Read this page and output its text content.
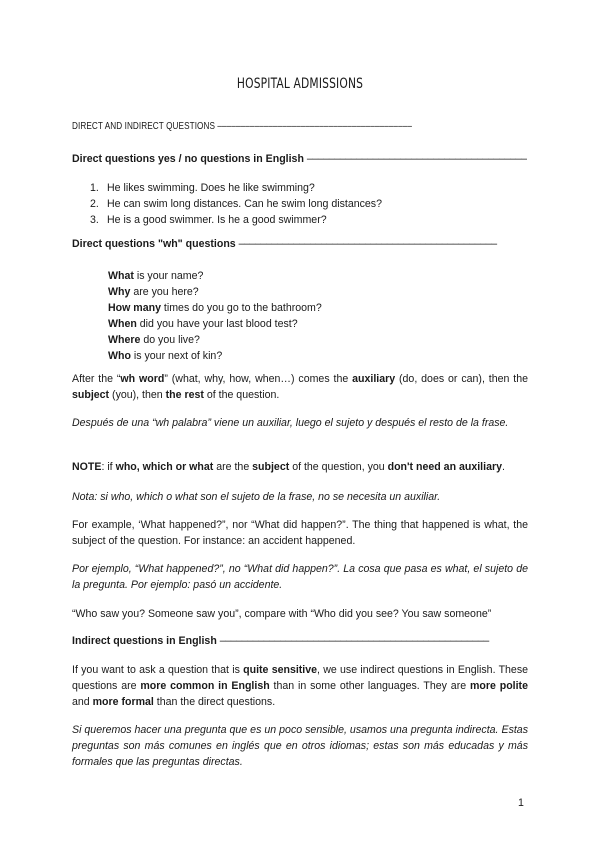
HOSPITAL ADMISSIONS
DIRECT AND INDIRECT QUESTIONS ––––––––––––––––––––––––––––––––––––––––––
Direct questions yes / no questions in English ––––––––––––––––––––––––––––––––––––––––
1. He likes swimming. Does he like swimming?
2. He can swim long distances. Can he swim long distances?
3. He is a good swimmer. Is he a good swimmer?
Direct questions "wh" questions –––––––––––––––––––––––––––––––––––––––––––––––
What is your name?
Why are you here?
How many times do you go to the bathroom?
When did you have your last blood test?
Where do you live?
Who is your next of kin?
After the “wh word” (what, why, how, when…) comes the auxiliary (do, does or can), then the subject (you), then the rest of the question.
Después de una “wh palabra” viene un auxiliar, luego el sujeto y después el resto de la frase.
NOTE: if who, which or what are the subject of the question, you don't need an auxiliary.
Nota: si who, which o what son el sujeto de la frase, no se necesita un auxiliar.
For example, ‘What happened?”, nor “What did happen?”. The thing that happened is what, the subject of the question. For instance: an accident happened.
Por ejemplo, “What happened?”, no “What did happen?”. La cosa que pasa es what, el sujeto de la pregunta. Por ejemplo: pasó un accidente.
“Who saw you? Someone saw you”, compare with “Who did you see? You saw someone”
Indirect questions in English –––––––––––––––––––––––––––––––––––––––––––––––––
If you want to ask a question that is quite sensitive, we use indirect questions in English. These questions are more common in English than in some other languages. They are more polite and more formal than the direct questions.
Si queremos hacer una pregunta que es un poco sensible, usamos una pregunta indirecta. Estas preguntas son más comunes en inglés que en otros idiomas; estas son más educadas y más formales que las preguntas directas.
1
